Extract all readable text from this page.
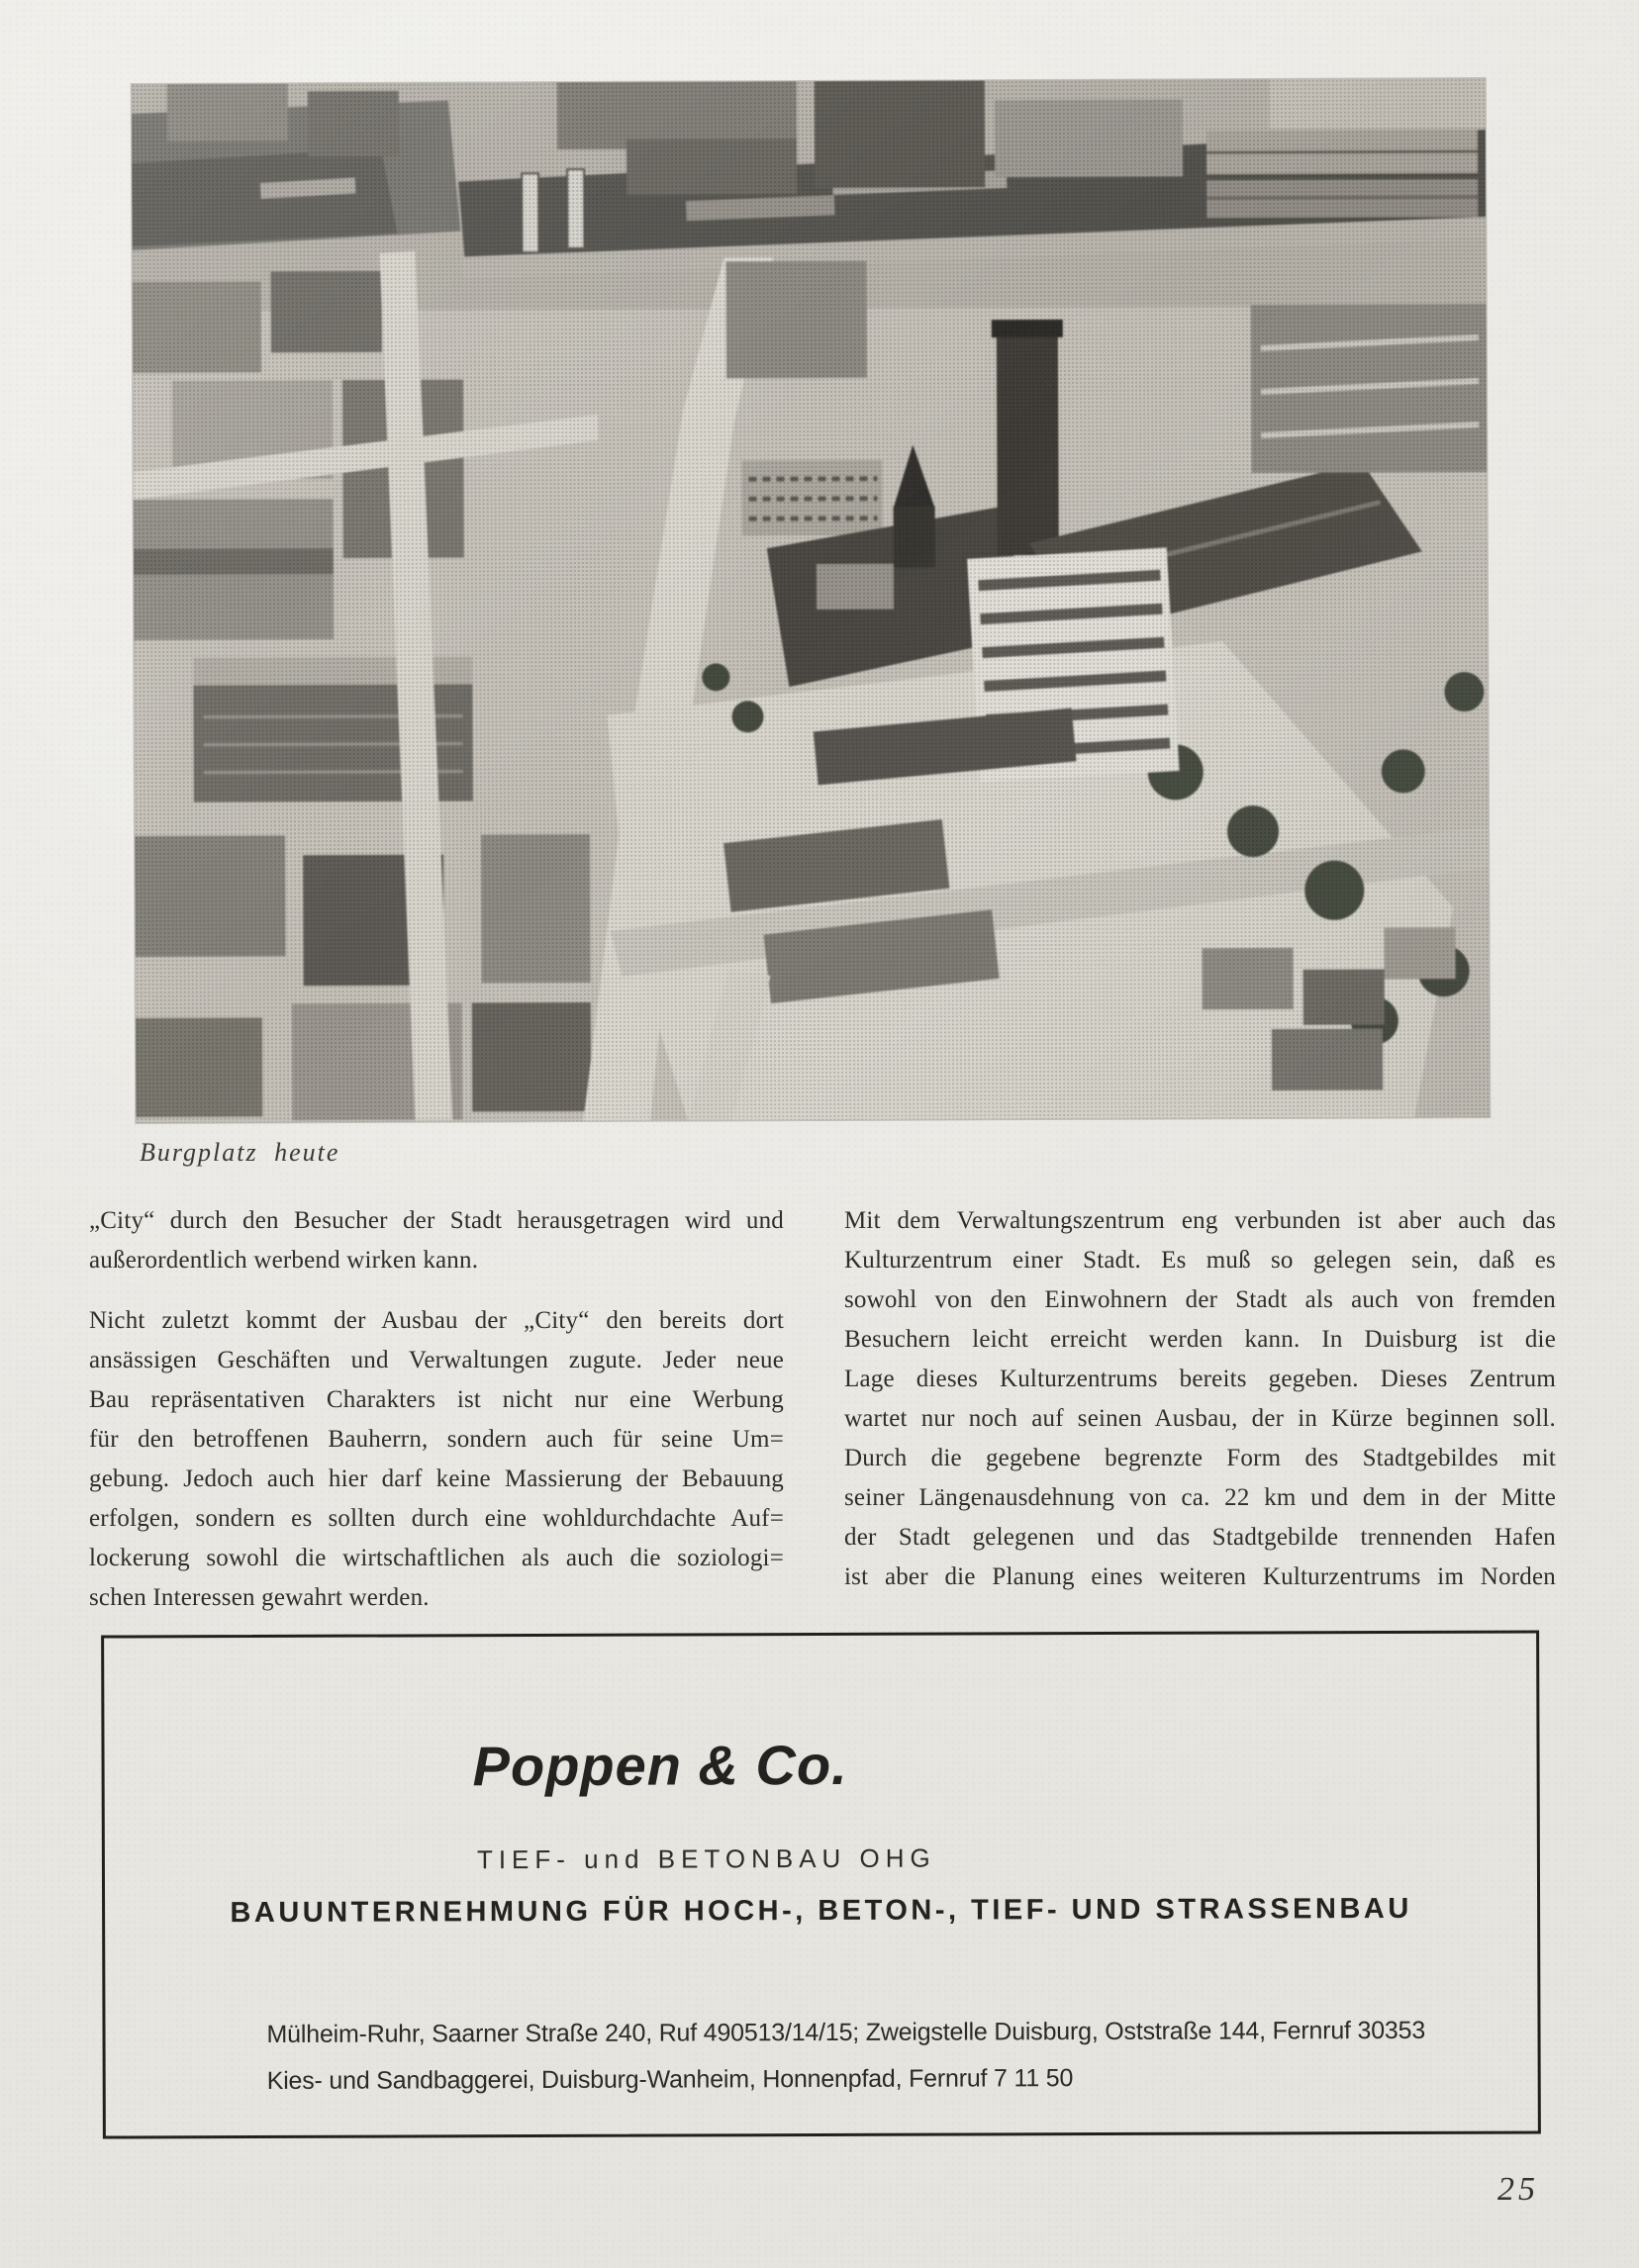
Burgplatz heute
„City“ durch den Besucher der Stadt herausgetragen wird und
außerordentlich werbend wirken kann.
Nicht zuletzt kommt der Ausbau der „City“ den bereits dort
ansässigen Geschäften und Verwaltungen zugute. Jeder neue
Bau repräsentativen Charakters ist nicht nur eine Werbung
für den betroffenen Bauherrn, sondern auch für seine Um=
gebung. Jedoch auch hier darf keine Massierung der Bebauung
erfolgen, sondern es sollten durch eine wohldurchdachte Auf=
lockerung sowohl die wirtschaftlichen als auch die soziologi=
schen Interessen gewahrt werden.
Mit dem Verwaltungszentrum eng verbunden ist aber auch das
Kulturzentrum einer Stadt. Es muß so gelegen sein, daß es
sowohl von den Einwohnern der Stadt als auch von fremden
Besuchern leicht erreicht werden kann. In Duisburg ist die
Lage dieses Kulturzentrums bereits gegeben. Dieses Zentrum
wartet nur noch auf seinen Ausbau, der in Kürze beginnen soll.
Durch die gegebene begrenzte Form des Stadtgebildes mit
seiner Längenausdehnung von ca. 22 km und dem in der Mitte
der Stadt gelegenen und das Stadtgebilde trennenden Hafen
ist aber die Planung eines weiteren Kulturzentrums im Norden
Poppen & Co.
TIEF- und BETONBAU OHG
BAUUNTERNEHMUNG FÜR HOCH-, BETON-, TIEF- UND STRASSENBAU
Mülheim-Ruhr, Saarner Straße 240, Ruf 490513/14/15; Zweigstelle Duisburg, Oststraße 144, Fernruf 30353
Kies- und Sandbaggerei, Duisburg-Wanheim, Honnenpfad, Fernruf 7 11 50
25
